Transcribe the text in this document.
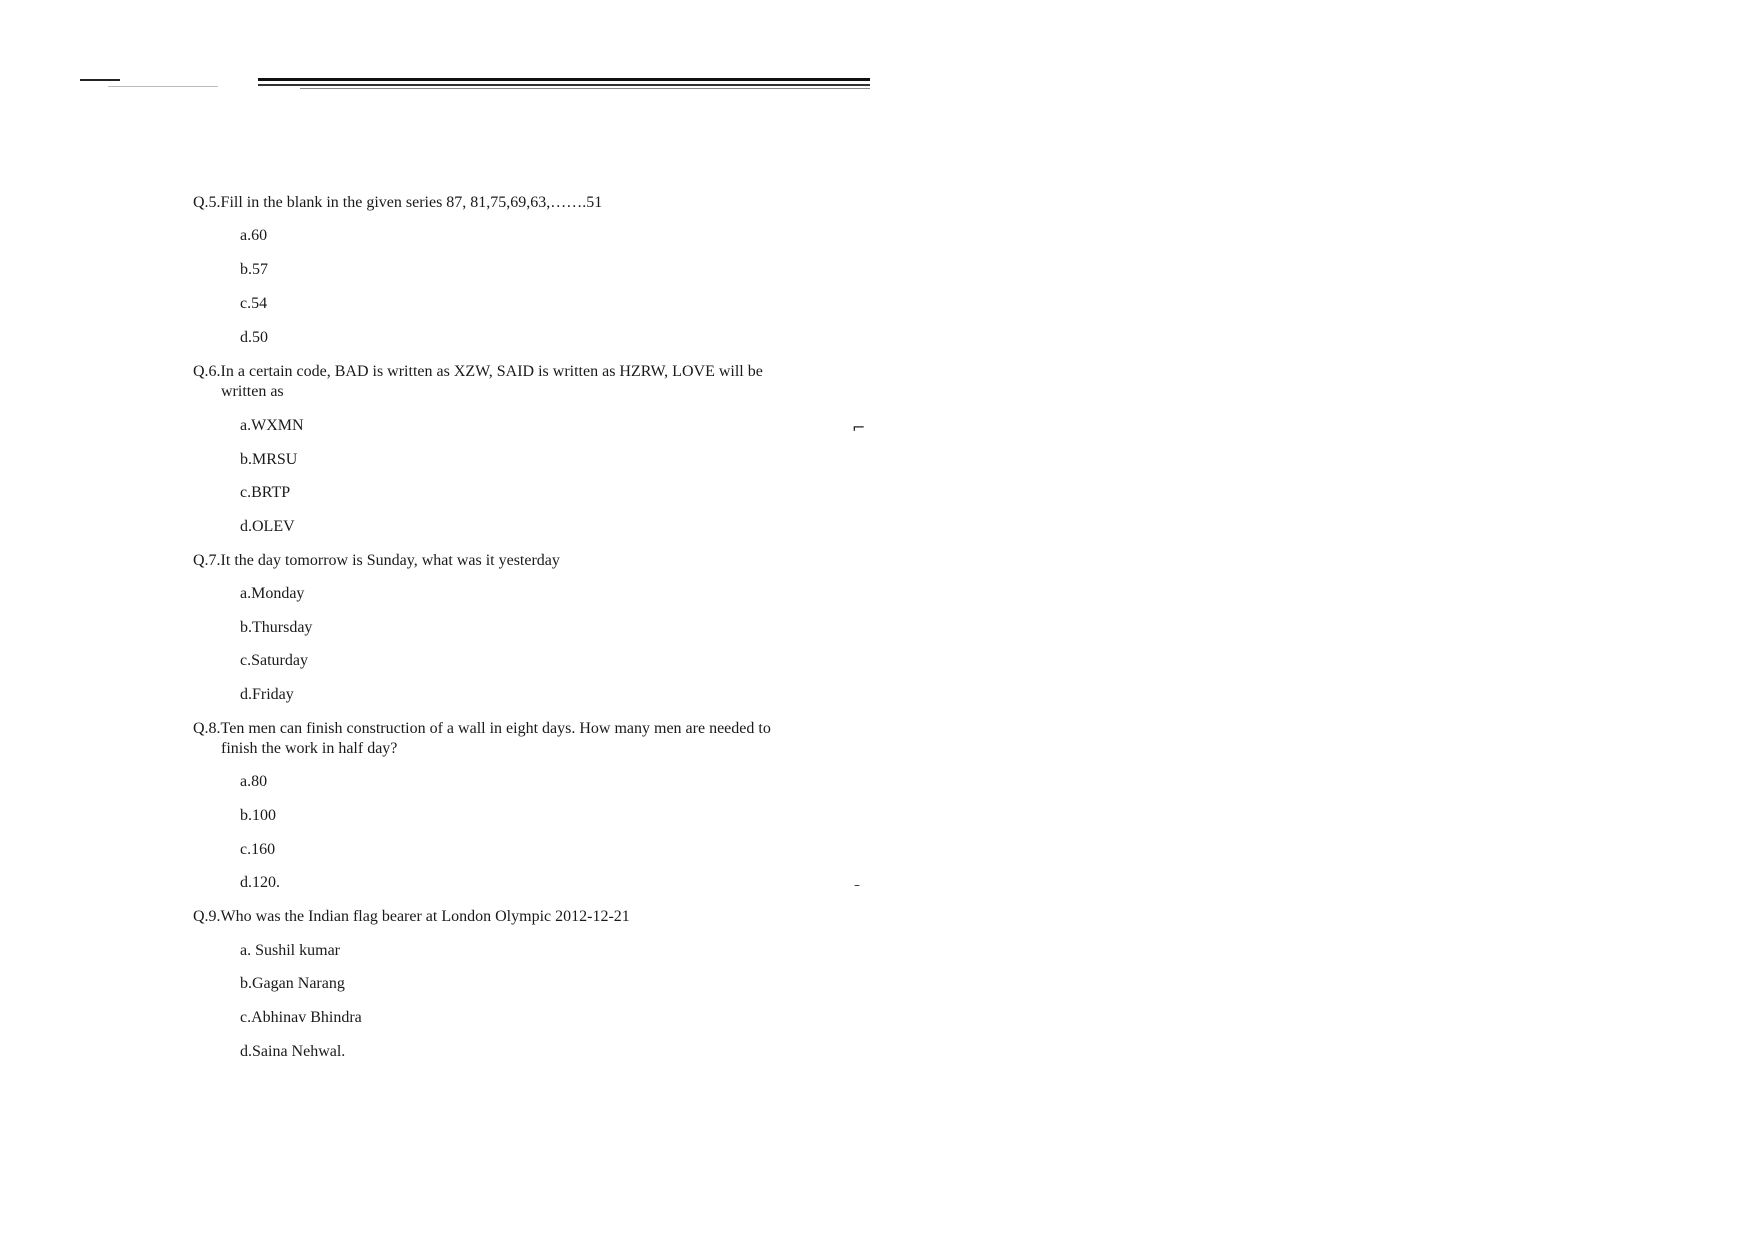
⌐
–

Q.5.Fill in the blank in the given series 87, 81,75,69,63,…….51

a.60
b.57
c.54
d.50

Q.6.In a certain code, BAD is written as XZW, SAID is written as HZRW, LOVE will be written as

a.WXMN
b.MRSU
c.BRTP
d.OLEV

Q.7.It the day tomorrow is Sunday, what was it yesterday

a.Monday
b.Thursday
c.Saturday
d.Friday

Q.8.Ten men can finish construction of a wall in eight days. How many men are needed to finish the work in half day?

a.80
b.100
c.160
d.120.

Q.9.Who was the Indian flag bearer at London Olympic 2012-12-21

a. Sushil kumar
b.Gagan Narang
c.Abhinav Bhindra
d.Saina Nehwal.
